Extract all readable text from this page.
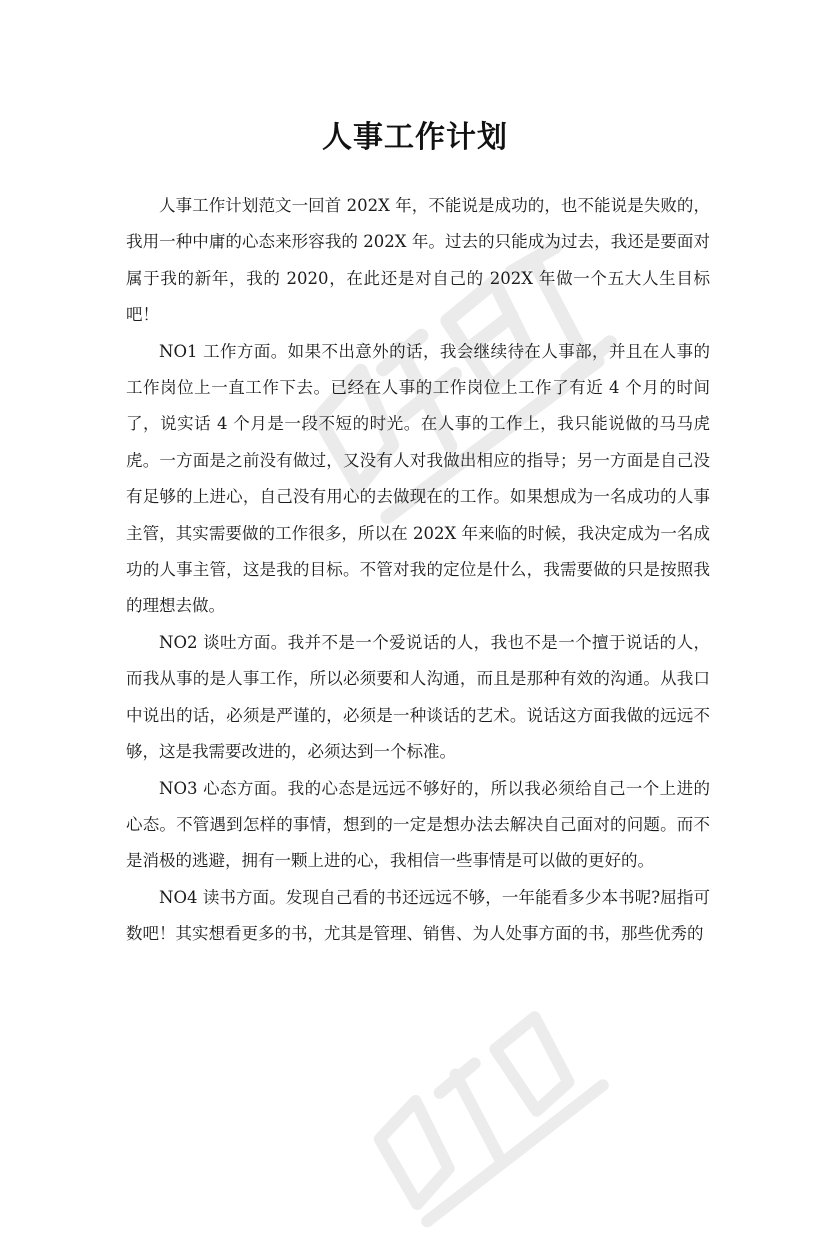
人事工作计划

人事工作计划范文一回首 202X 年，不能说是成功的，也不能说是失败的，我用一种中庸的心态来形容我的 202X 年。过去的只能成为过去，我还是要面对属于我的新年，我的 2020，在此还是对自己的 202X 年做一个五大人生目标吧！

NO1 工作方面。如果不出意外的话，我会继续待在人事部，并且在人事的工作岗位上一直工作下去。已经在人事的工作岗位上工作了有近 4 个月的时间了，说实话 4 个月是一段不短的时光。在人事的工作上，我只能说做的马马虎虎。一方面是之前没有做过，又没有人对我做出相应的指导；另一方面是自己没有足够的上进心，自己没有用心的去做现在的工作。如果想成为一名成功的人事主管，其实需要做的工作很多，所以在 202X 年来临的时候，我决定成为一名成功的人事主管，这是我的目标。不管对我的定位是什么，我需要做的只是按照我的理想去做。

NO2 谈吐方面。我并不是一个爱说话的人，我也不是一个擅于说话的人，而我从事的是人事工作，所以必须要和人沟通，而且是那种有效的沟通。从我口中说出的话，必须是严谨的，必须是一种谈话的艺术。说话这方面我做的远远不够，这是我需要改进的，必须达到一个标准。

NO3 心态方面。我的心态是远远不够好的，所以我必须给自己一个上进的心态。不管遇到怎样的事情，想到的一定是想办法去解决自己面对的问题。而不是消极的逃避，拥有一颗上进的心，我相信一些事情是可以做的更好的。

NO4 读书方面。发现自己看的书还远远不够，一年能看多少本书呢?屈指可数吧！其实想看更多的书，尤其是管理、销售、为人处事方面的书，那些优秀的
